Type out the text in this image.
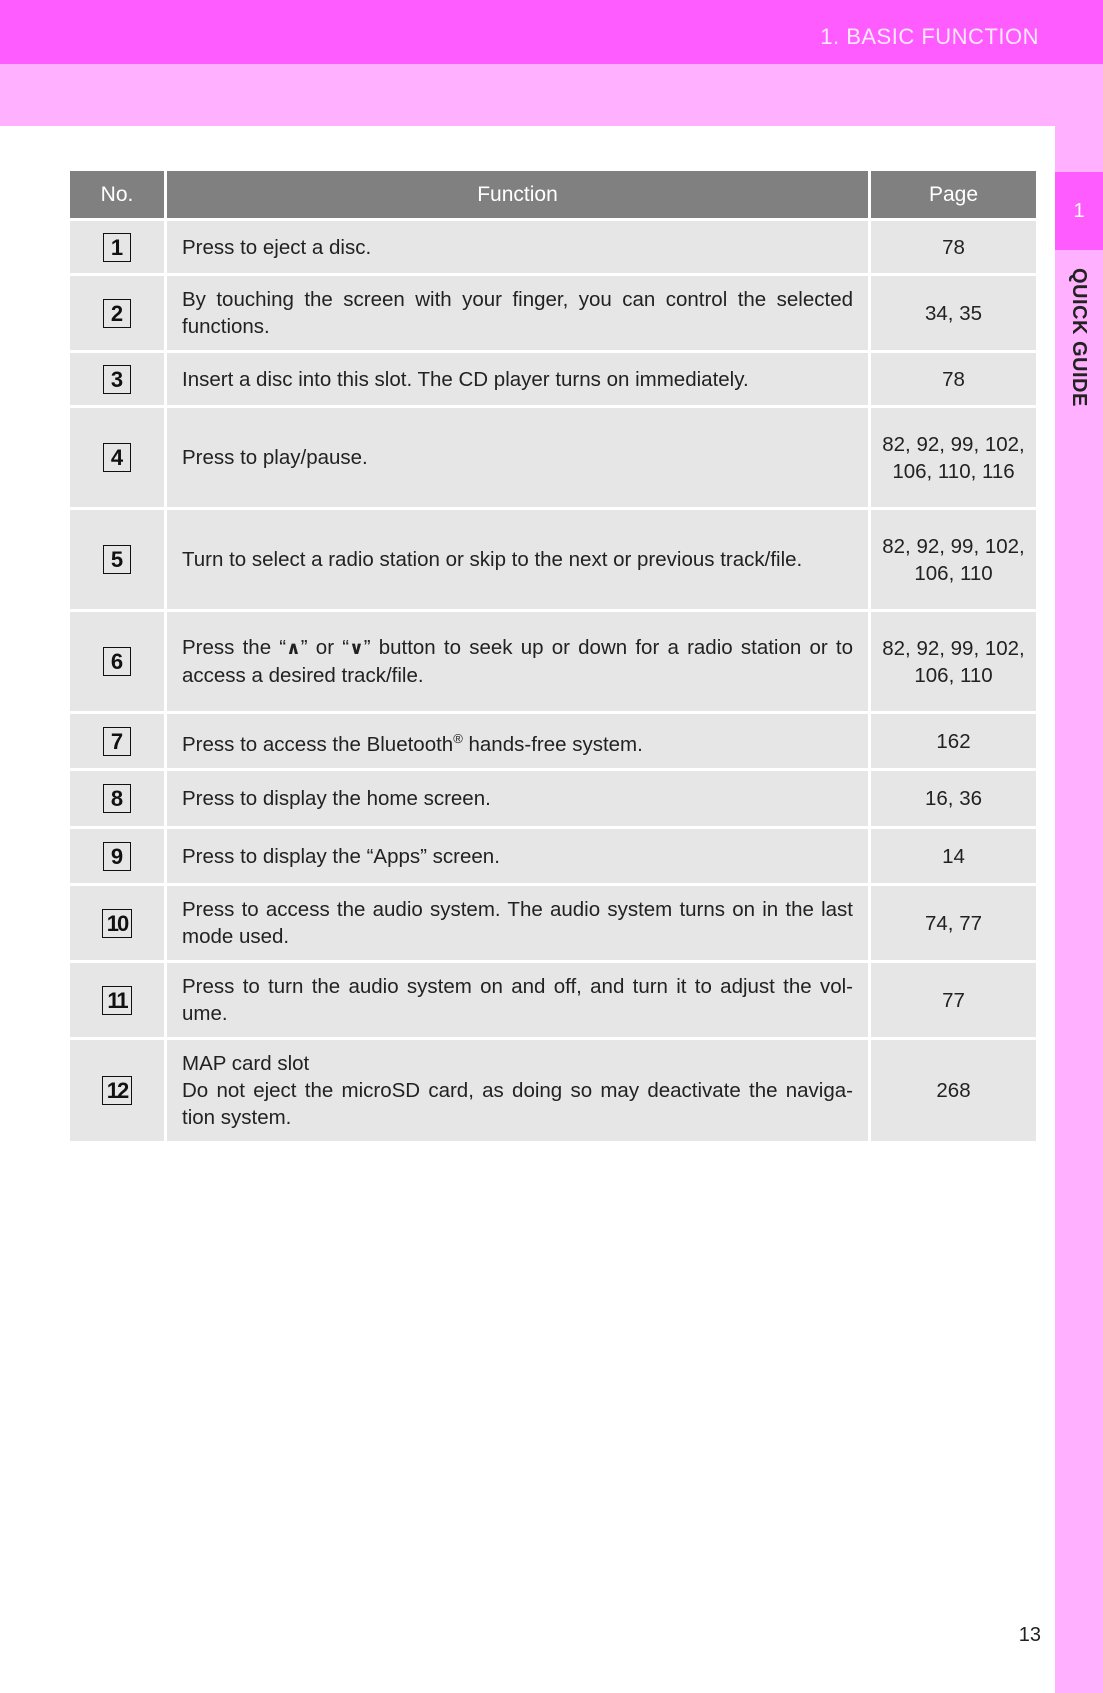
1. BASIC FUNCTION
1
QUICK GUIDE
No.	Function	Page
1	Press to eject a disc.	78
2	By touching the screen with your finger, you can control the selected functions.	34, 35
3	Insert a disc into this slot. The CD player turns on immediately.	78
4	Press to play/pause.	82, 92, 99, 102, 106, 110, 116
5	Turn to select a radio station or skip to the next or previous track/file.	82, 92, 99, 102, 106, 110
6	Press the “∧” or “∨” button to seek up or down for a radio station or to access a desired track/file.	82, 92, 99, 102, 106, 110
7	Press to access the Bluetooth® hands-free system.	162
8	Press to display the home screen.	16, 36
9	Press to display the “Apps” screen.	14
10	Press to access the audio system. The audio system turns on in the last mode used.	74, 77
11	Press to turn the audio system on and off, and turn it to adjust the vol-ume.	77
12	MAP card slot
Do not eject the microSD card, as doing so may deactivate the naviga-tion system.	268
13
